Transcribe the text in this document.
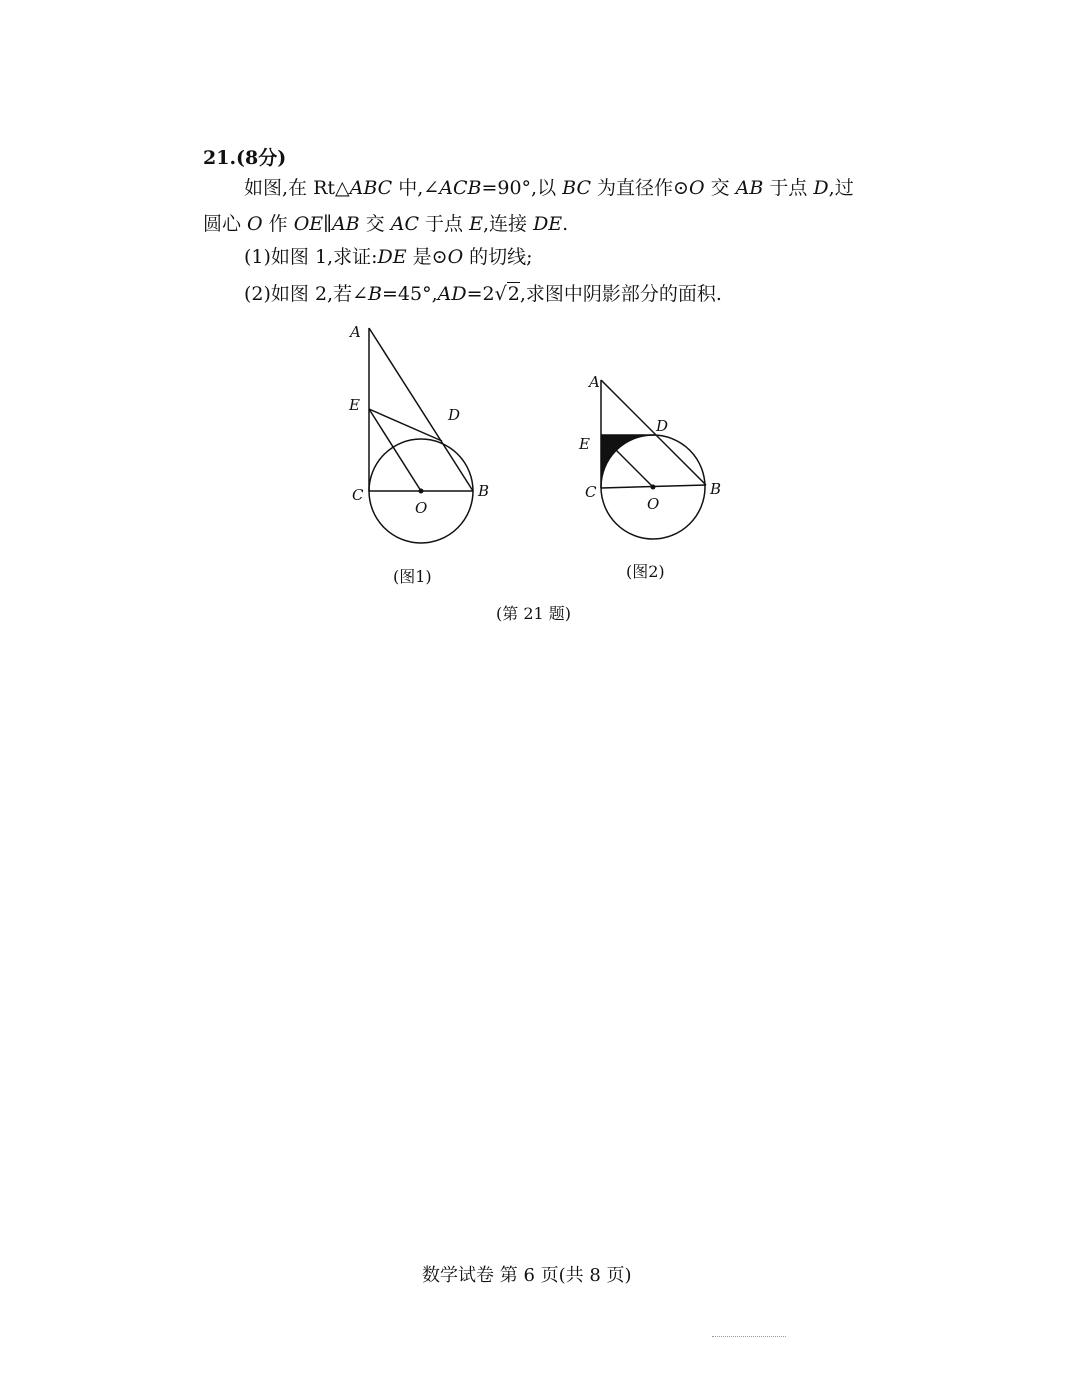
21.(8分)
如图,在 Rt△ABC 中,∠ACB=90°,以 BC 为直径作⊙O 交 AB 于点 D,过
圆心 O 作 OE∥AB 交 AC 于点 E,连接 DE.
(1)如图 1,求证:DE 是⊙O 的切线;
(2)如图 2,若∠B=45°,AD=2√2,求图中阴影部分的面积.
A
E
D
C
O
B
A
E
D
C
O
B
(图1)	(图2)
(第 21 题)
数学试卷 第 6 页(共 8 页)
